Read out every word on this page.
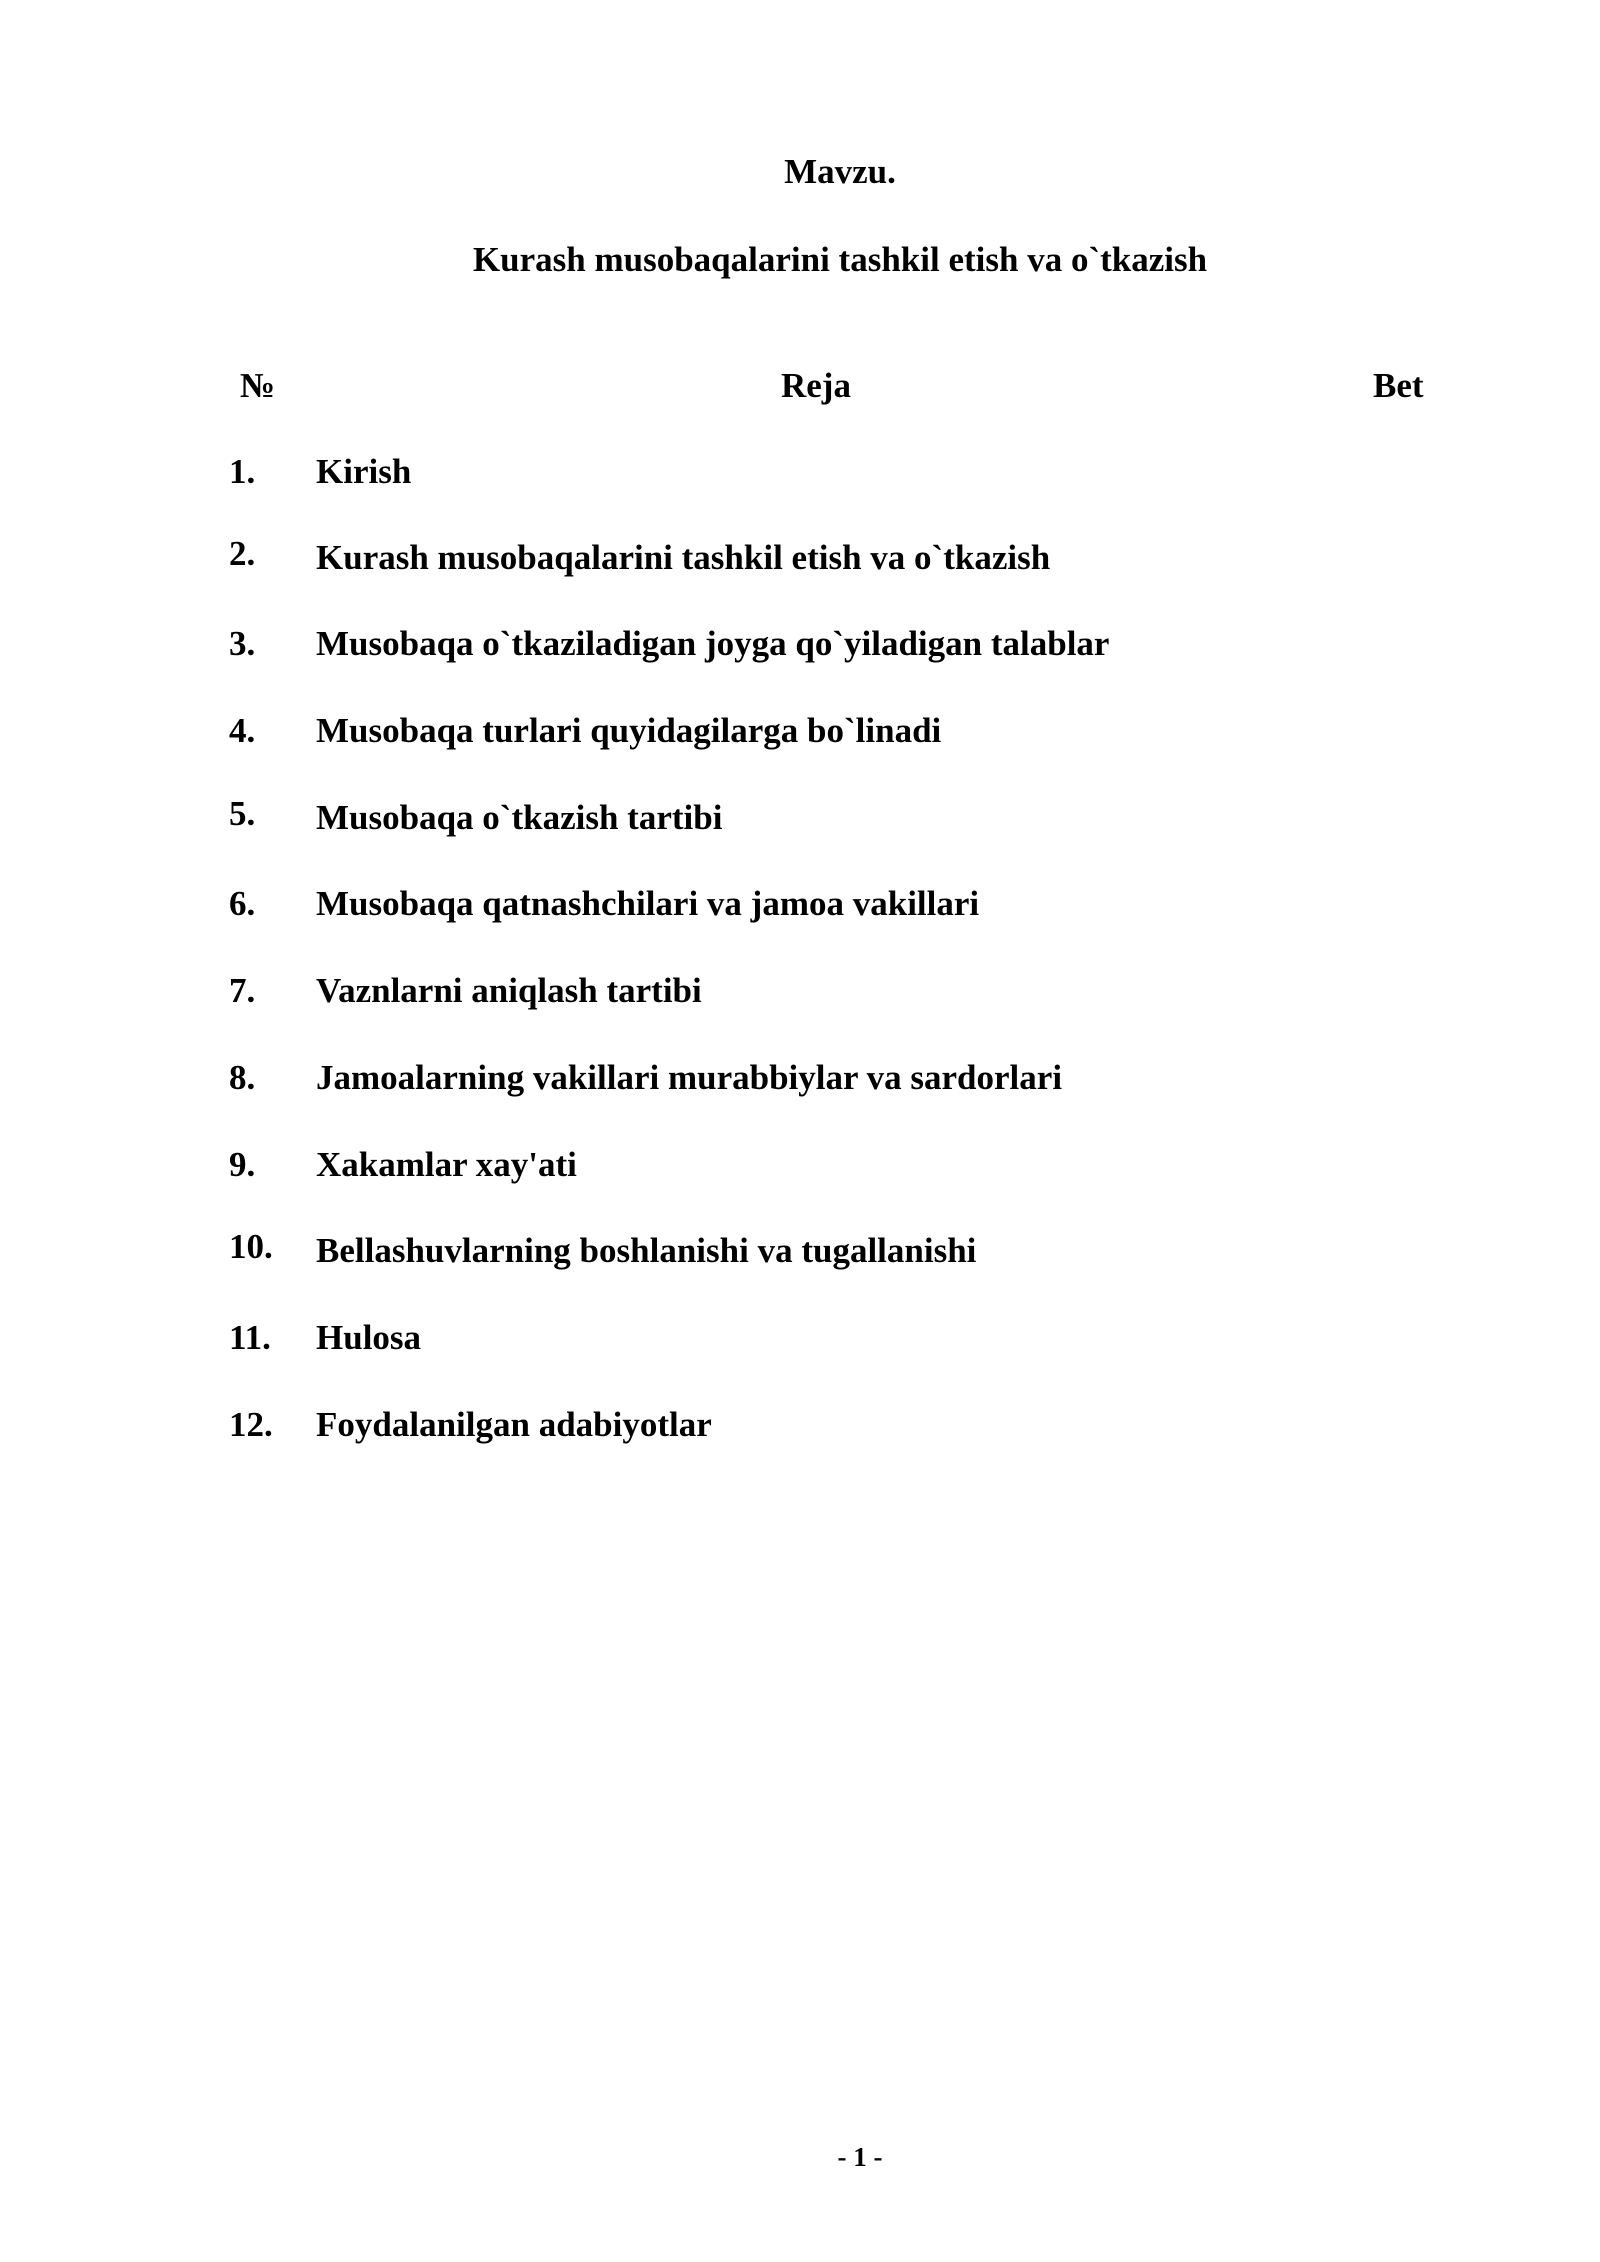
Mavzu.
Kurash musobaqalarini tashkil etish va o`tkazish
№	Reja	Bet
1. Kirish
2. Kurash musobaqalarini tashkil etish va o`tkazish
3. Musobaqa o`tkaziladigan joyga qo`yiladigan talablar
4. Musobaqa turlari quyidagilarga bo`linadi
5. Musobaqa o`tkazish tartibi
6. Musobaqa qatnashchilari va jamoa vakillari
7. Vaznlarni aniqlash tartibi
8. Jamoalarning vakillari murabbiylar va sardorlari
9. Xakamlar xay'ati
10. Bellashuvlarning boshlanishi va tugallanishi
11. Hulosa
12. Foydalanilgan adabiyotlar
- 1 -
